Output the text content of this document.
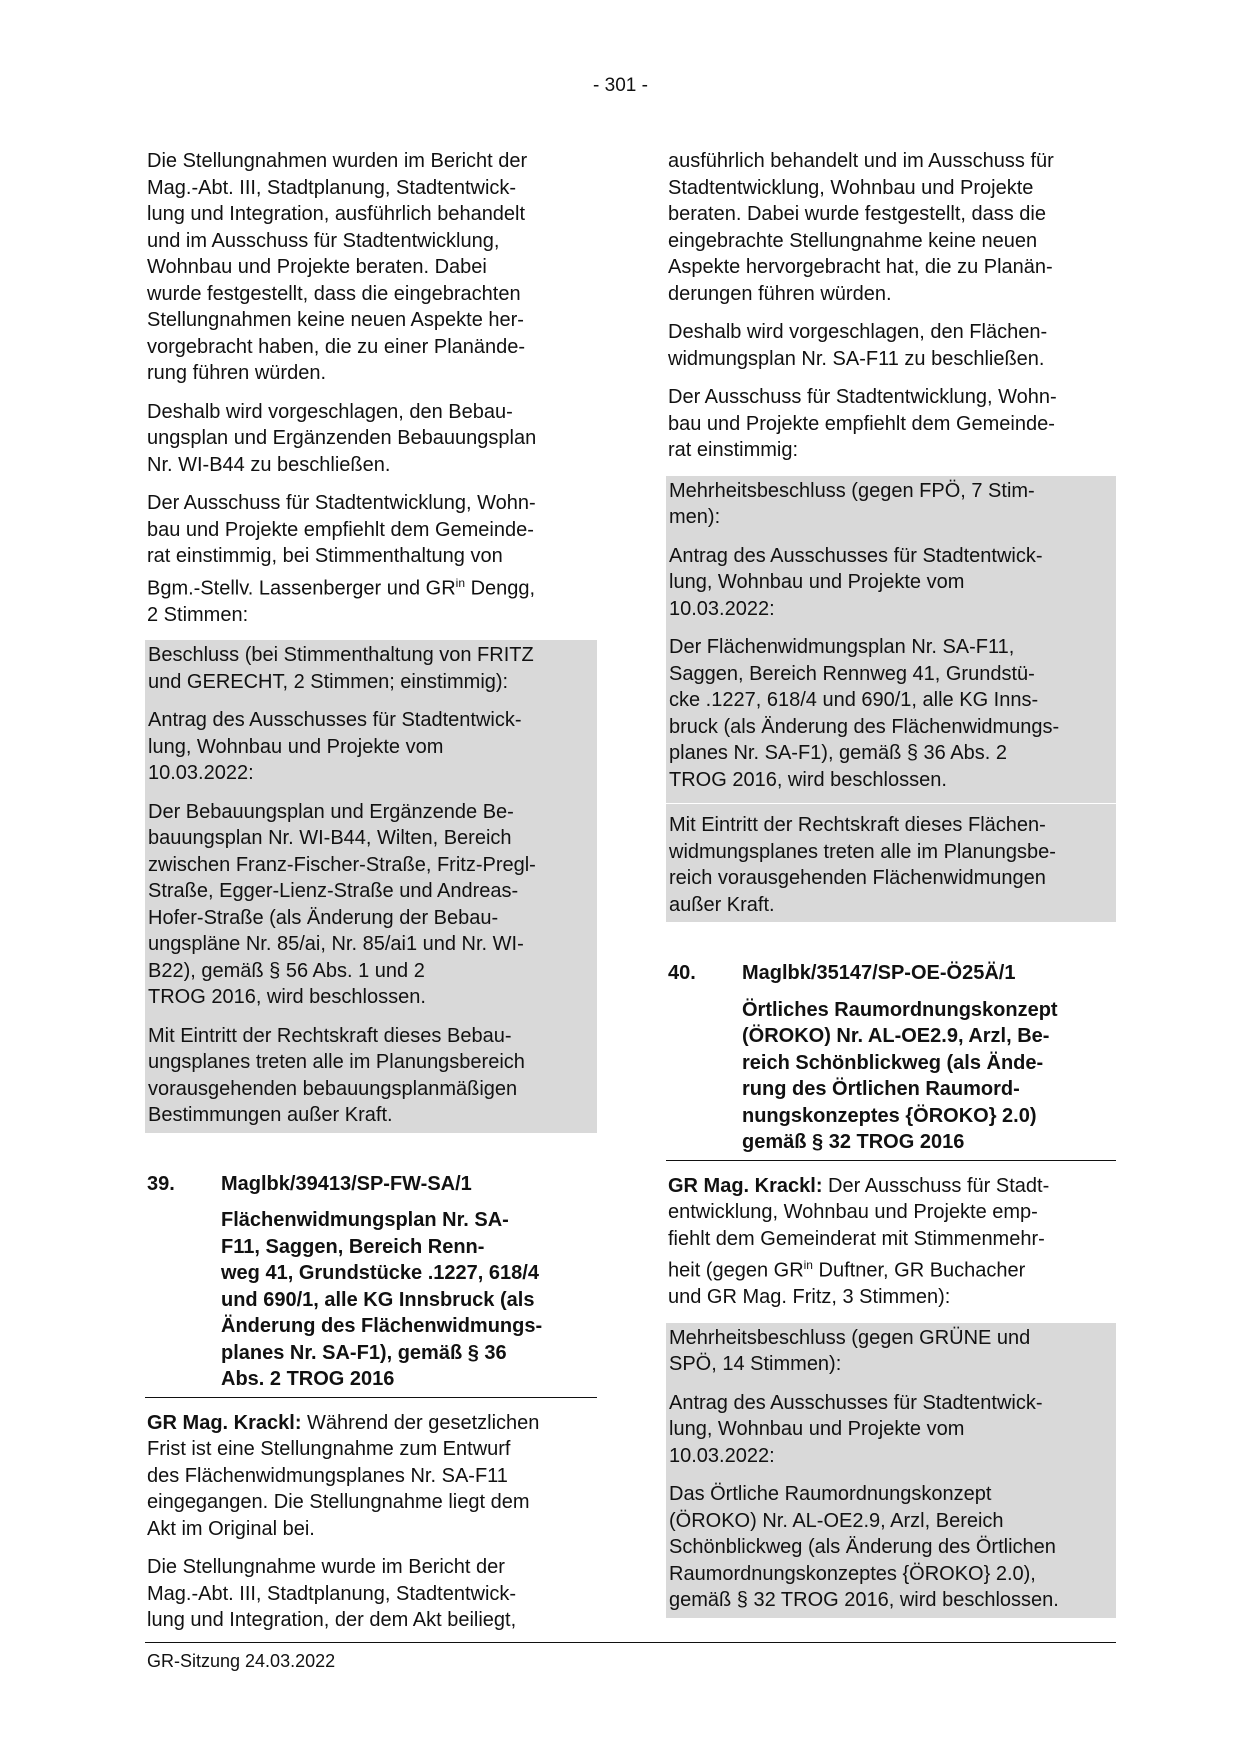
- 301 -

Die Stellungnahmen wurden im Bericht der
Mag.-Abt. III, Stadtplanung, Stadtentwick-
lung und Integration, ausführlich behandelt
und im Ausschuss für Stadtentwicklung,
Wohnbau und Projekte beraten. Dabei
wurde festgestellt, dass die eingebrachten
Stellungnahmen keine neuen Aspekte her-
vorgebracht haben, die zu einer Planände-
rung führen würden.

Deshalb wird vorgeschlagen, den Bebau-
ungsplan und Ergänzenden Bebauungsplan
Nr. WI-B44 zu beschließen.

Der Ausschuss für Stadtentwicklung, Wohn-
bau und Projekte empfiehlt dem Gemeinde-
rat einstimmig, bei Stimmenthaltung von
Bgm.-Stellv. Lassenberger und $GR^{in}$ Dengg,
2 Stimmen:

Beschluss (bei Stimmenthaltung von FRITZ
und GERECHT, 2 Stimmen; einstimmig):

Antrag des Ausschusses für Stadtentwick-
lung, Wohnbau und Projekte vom
10.03.2022:

Der Bebauungsplan und Ergänzende Be-
bauungsplan Nr. WI-B44, Wilten, Bereich
zwischen Franz-Fischer-Straße, Fritz-Pregl-
Straße, Egger-Lienz-Straße und Andreas-
Hofer-Straße (als Änderung der Bebau-
ungspläne Nr. 85/ai, Nr. 85/ai1 und Nr. WI-
B22), gemäß § 56 Abs. 1 und 2
TROG 2016, wird beschlossen.

Mit Eintritt der Rechtskraft dieses Bebau-
ungsplanes treten alle im Planungsbereich
vorausgehenden bebauungsplanmäßigen
Bestimmungen außer Kraft.

39.	Maglbk/39413/SP-FW-SA/1
Flächenwidmungsplan Nr. SA-
F11, Saggen, Bereich Renn-
weg 41, Grundstücke .1227, 618/4
und 690/1, alle KG Innsbruck (als
Änderung des Flächenwidmungs-
planes Nr. SA-F1), gemäß § 36
Abs. 2 TROG 2016

GR Mag. Krackl: Während der gesetzlichen
Frist ist eine Stellungnahme zum Entwurf
des Flächenwidmungsplanes Nr. SA-F11
eingegangen. Die Stellungnahme liegt dem
Akt im Original bei.

Die Stellungnahme wurde im Bericht der
Mag.-Abt. III, Stadtplanung, Stadtentwick-
lung und Integration, der dem Akt beiliegt,

ausführlich behandelt und im Ausschuss für
Stadtentwicklung, Wohnbau und Projekte
beraten. Dabei wurde festgestellt, dass die
eingebrachte Stellungnahme keine neuen
Aspekte hervorgebracht hat, die zu Planän-
derungen führen würden.

Deshalb wird vorgeschlagen, den Flächen-
widmungsplan Nr. SA-F11 zu beschließen.

Der Ausschuss für Stadtentwicklung, Wohn-
bau und Projekte empfiehlt dem Gemeinde-
rat einstimmig:

Mehrheitsbeschluss (gegen FPÖ, 7 Stim-
men):

Antrag des Ausschusses für Stadtentwick-
lung, Wohnbau und Projekte vom
10.03.2022:

Der Flächenwidmungsplan Nr. SA-F11,
Saggen, Bereich Rennweg 41, Grundstü-
cke .1227, 618/4 und 690/1, alle KG Inns-
bruck (als Änderung des Flächenwidmungs-
planes Nr. SA-F1), gemäß § 36 Abs. 2
TROG 2016, wird beschlossen.

Mit Eintritt der Rechtskraft dieses Flächen-
widmungsplanes treten alle im Planungsbe-
reich vorausgehenden Flächenwidmungen
außer Kraft.

40.	Maglbk/35147/SP-OE-Ö25Ä/1
Örtliches Raumordnungskonzept
(ÖROKO) Nr. AL-OE2.9, Arzl, Be-
reich Schönblickweg (als Ände-
rung des Örtlichen Raumord-
nungskonzeptes {ÖROKO} 2.0)
gemäß § 32 TROG 2016

GR Mag. Krackl: Der Ausschuss für Stadt-
entwicklung, Wohnbau und Projekte emp-
fiehlt dem Gemeinderat mit Stimmenmehr-
heit (gegen $GR^{in}$ Duftner, GR Buchacher
und GR Mag. Fritz, 3 Stimmen):

Mehrheitsbeschluss (gegen GRÜNE und
SPÖ, 14 Stimmen):

Antrag des Ausschusses für Stadtentwick-
lung, Wohnbau und Projekte vom
10.03.2022:

Das Örtliche Raumordnungskonzept
(ÖROKO) Nr. AL-OE2.9, Arzl, Bereich
Schönblickweg (als Änderung des Örtlichen
Raumordnungskonzeptes {ÖROKO} 2.0),
gemäß § 32 TROG 2016, wird beschlossen.

GR-Sitzung 24.03.2022
